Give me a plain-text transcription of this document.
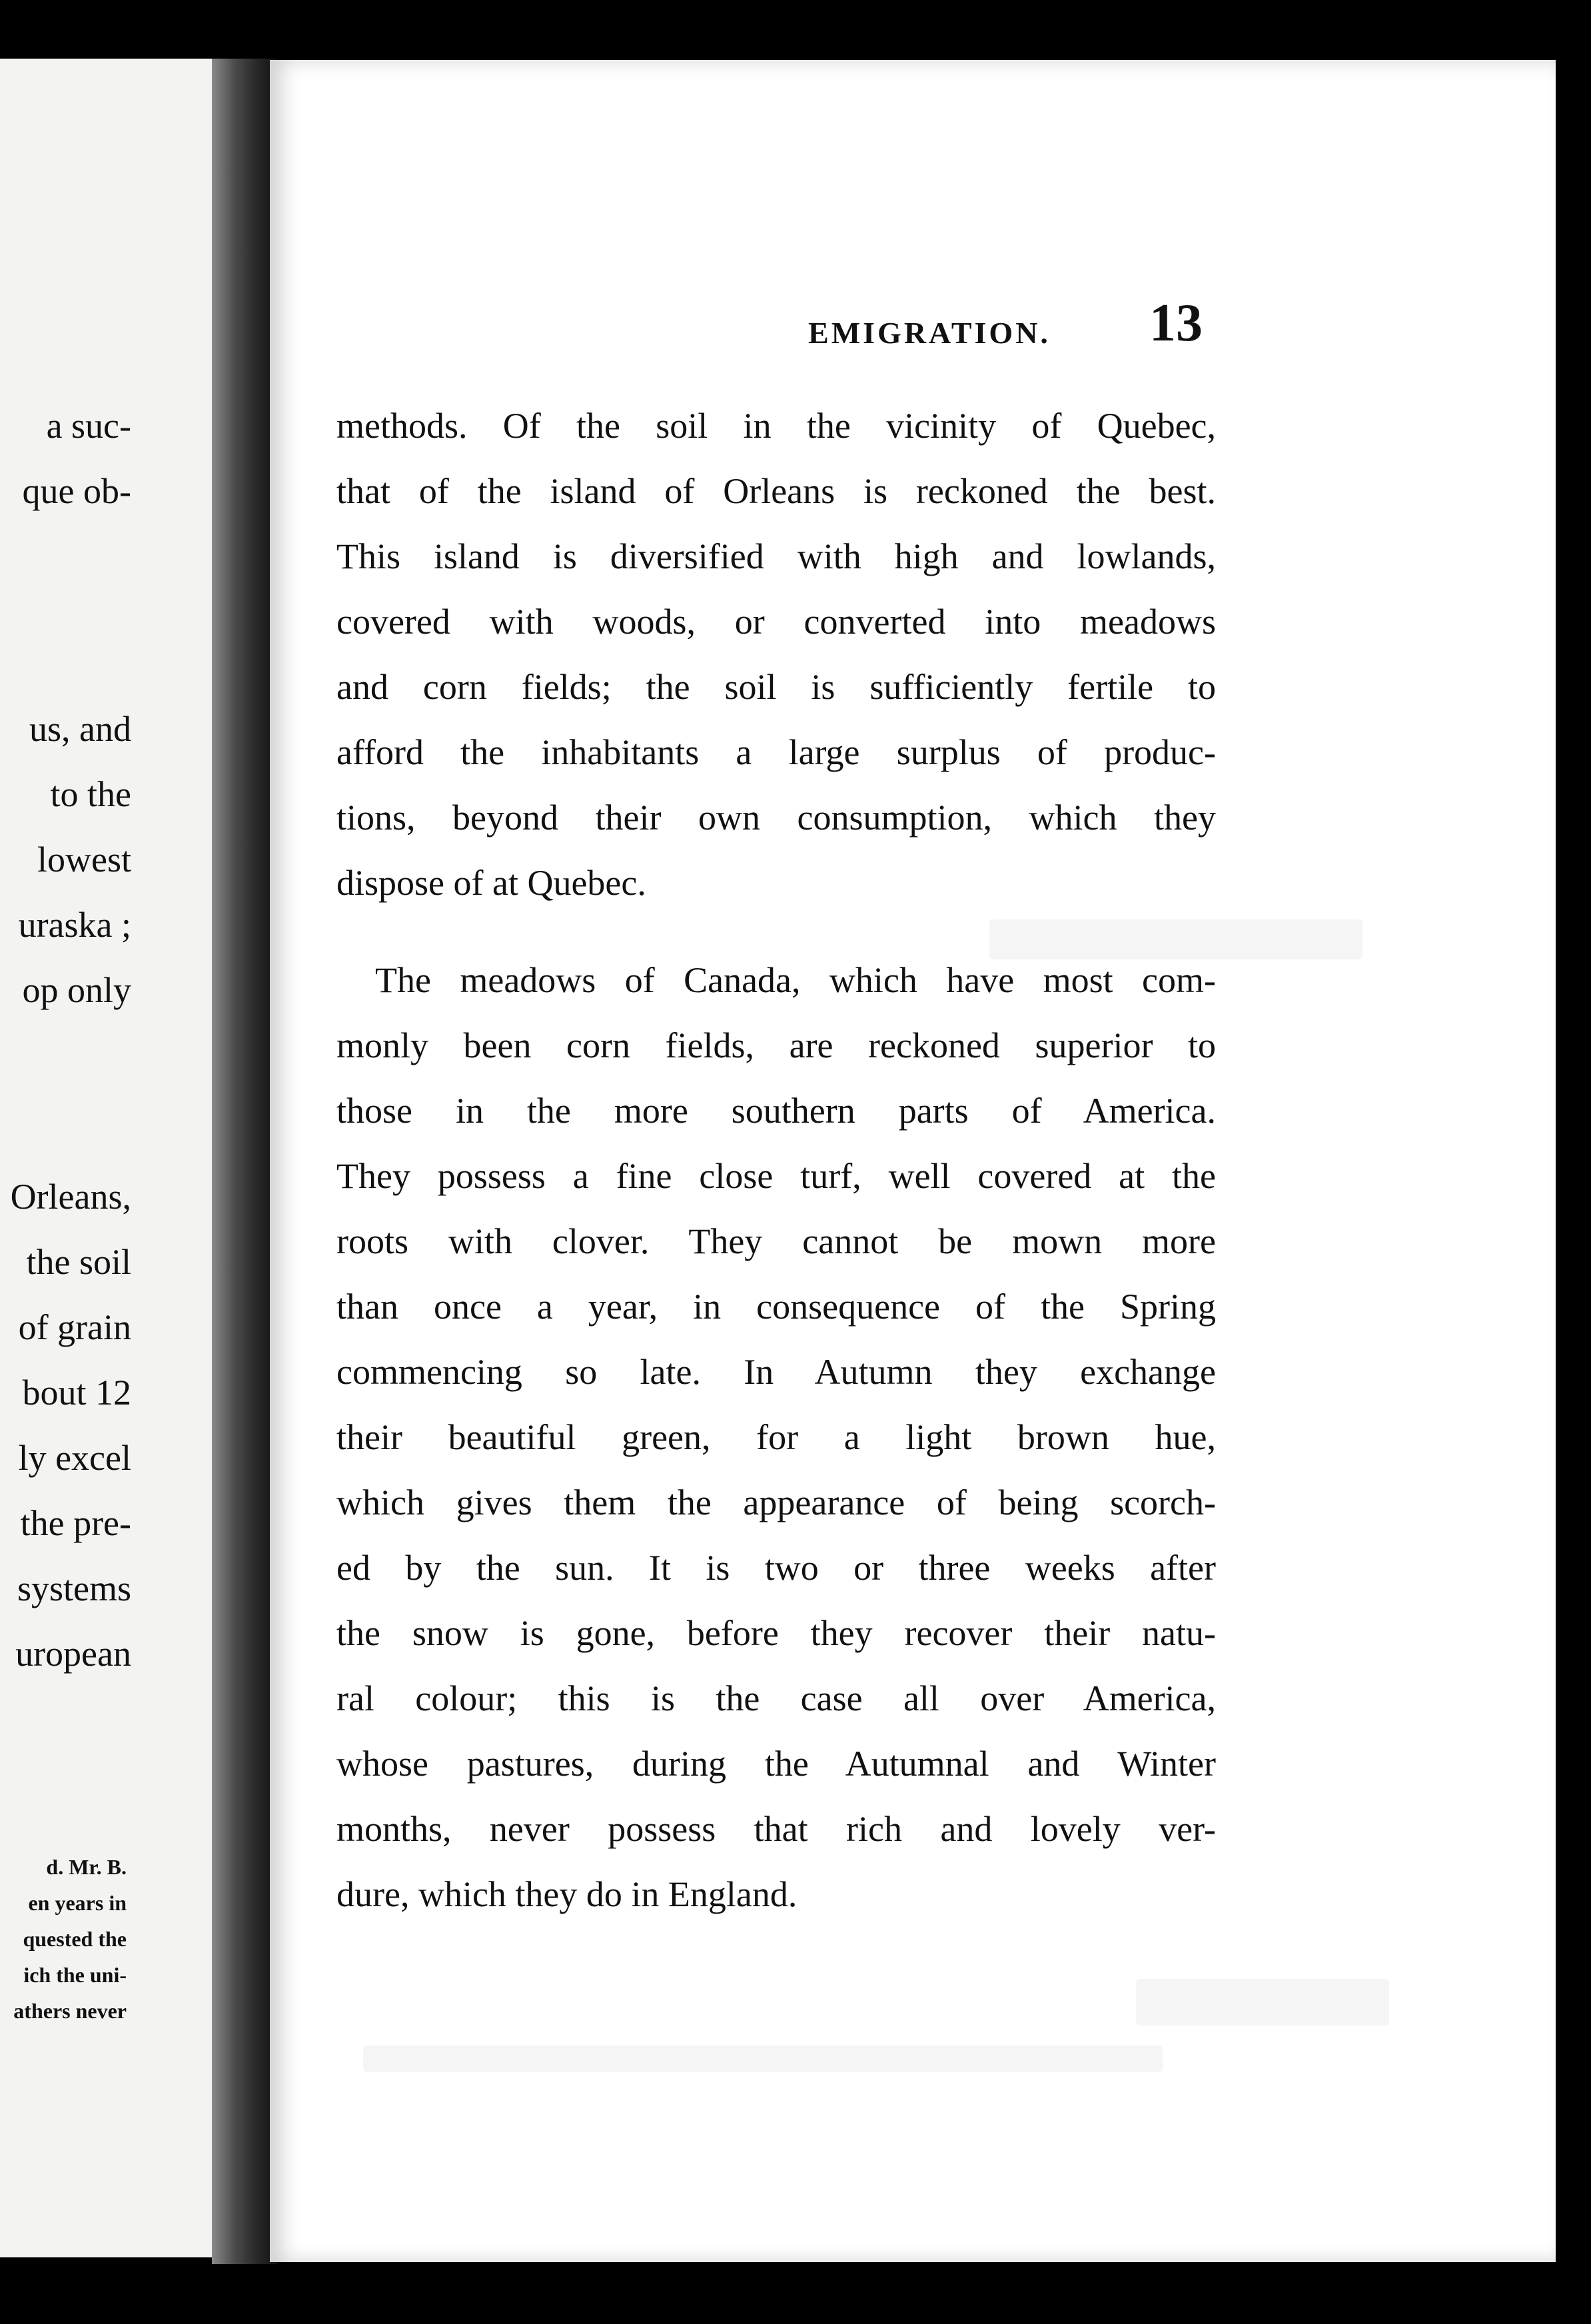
a suc-
que ob-
us, and
to the
lowest
uraska ;
op only
Orleans,
the soil
of grain
bout 12
ly excel
the pre-
systems
uropean
d. Mr. B.
en years in
quested the
ich the uni-
athers never
EMIGRATION.	13
methods. Of the soil in the vicinity of Quebec,
that of the island of Orleans is reckoned the best.
This island is diversified with high and lowlands,
covered with woods, or converted into meadows
and corn fields; the soil is sufficiently fertile to
afford the inhabitants a large surplus of produc-
tions, beyond their own consumption, which they
dispose of at Quebec.
The meadows of Canada, which have most com-
monly been corn fields, are reckoned superior to
those in the more southern parts of America.
They possess a fine close turf, well covered at the
roots with clover. They cannot be mown more
than once a year, in consequence of the Spring
commencing so late. In Autumn they exchange
their beautiful green, for a light brown hue,
which gives them the appearance of being scorch-
ed by the sun. It is two or three weeks after
the snow is gone, before they recover their natu-
ral colour; this is the case all over America,
whose pastures, during the Autumnal and Winter
months, never possess that rich and lovely ver-
dure, which they do in England.
